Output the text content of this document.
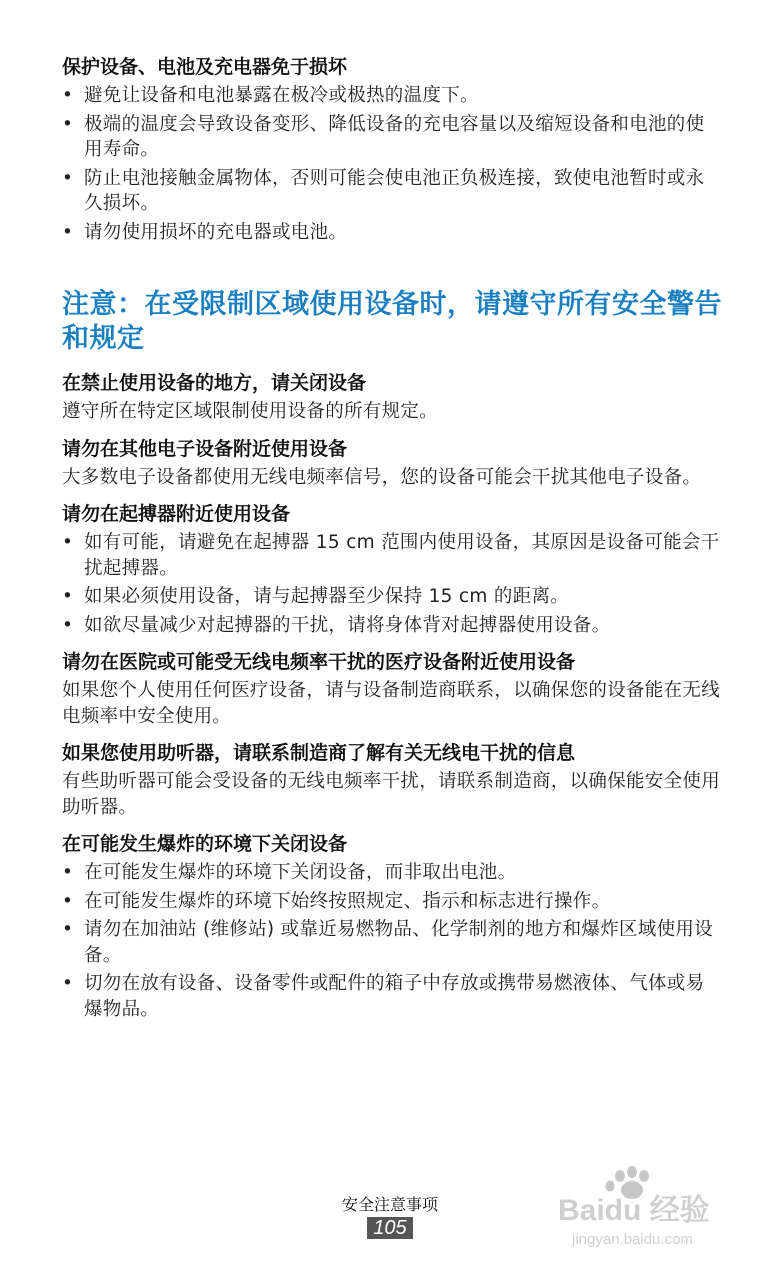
保护设备、电池及充电器免于损坏
• 避免让设备和电池暴露在极冷或极热的温度下。
• 极端的温度会导致设备变形、降低设备的充电容量以及缩短设备和电池的使用寿命。
• 防止电池接触金属物体，否则可能会使电池正负极连接，致使电池暂时或永久损坏。
• 请勿使用损坏的充电器或电池。
注意：在受限制区域使用设备时，请遵守所有安全警告和规定
在禁止使用设备的地方，请关闭设备

遵守所在特定区域限制使用设备的所有规定。

请勿在其他电子设备附近使用设备

大多数电子设备都使用无线电频率信号，您的设备可能会干扰其他电子设备。

请勿在起搏器附近使用设备
• 如有可能，请避免在起搏器 15 cm 范围内使用设备，其原因是设备可能会干扰起搏器。
• 如果必须使用设备，请与起搏器至少保持 15 cm 的距离。
• 如欲尽量减少对起搏器的干扰，请将身体背对起搏器使用设备。
请勿在医院或可能受无线电频率干扰的医疗设备附近使用设备

如果您个人使用任何医疗设备，请与设备制造商联系，以确保您的设备能在无线电频率中安全使用。

如果您使用助听器，请联系制造商了解有关无线电干扰的信息

有些助听器可能会受设备的无线电频率干扰，请联系制造商，以确保能安全使用助听器。

在可能发生爆炸的环境下关闭设备
• 在可能发生爆炸的环境下关闭设备，而非取出电池。
• 在可能发生爆炸的环境下始终按照规定、指示和标志进行操作。
• 请勿在加油站 (维修站) 或靠近易燃物品、化学制剂的地方和爆炸区域使用设备。
• 切勿在放有设备、设备零件或配件的箱子中存放或携带易燃液体、气体或易爆物品。
安全注意事项
105
Baidu 经验
jingyan.baidu.com
